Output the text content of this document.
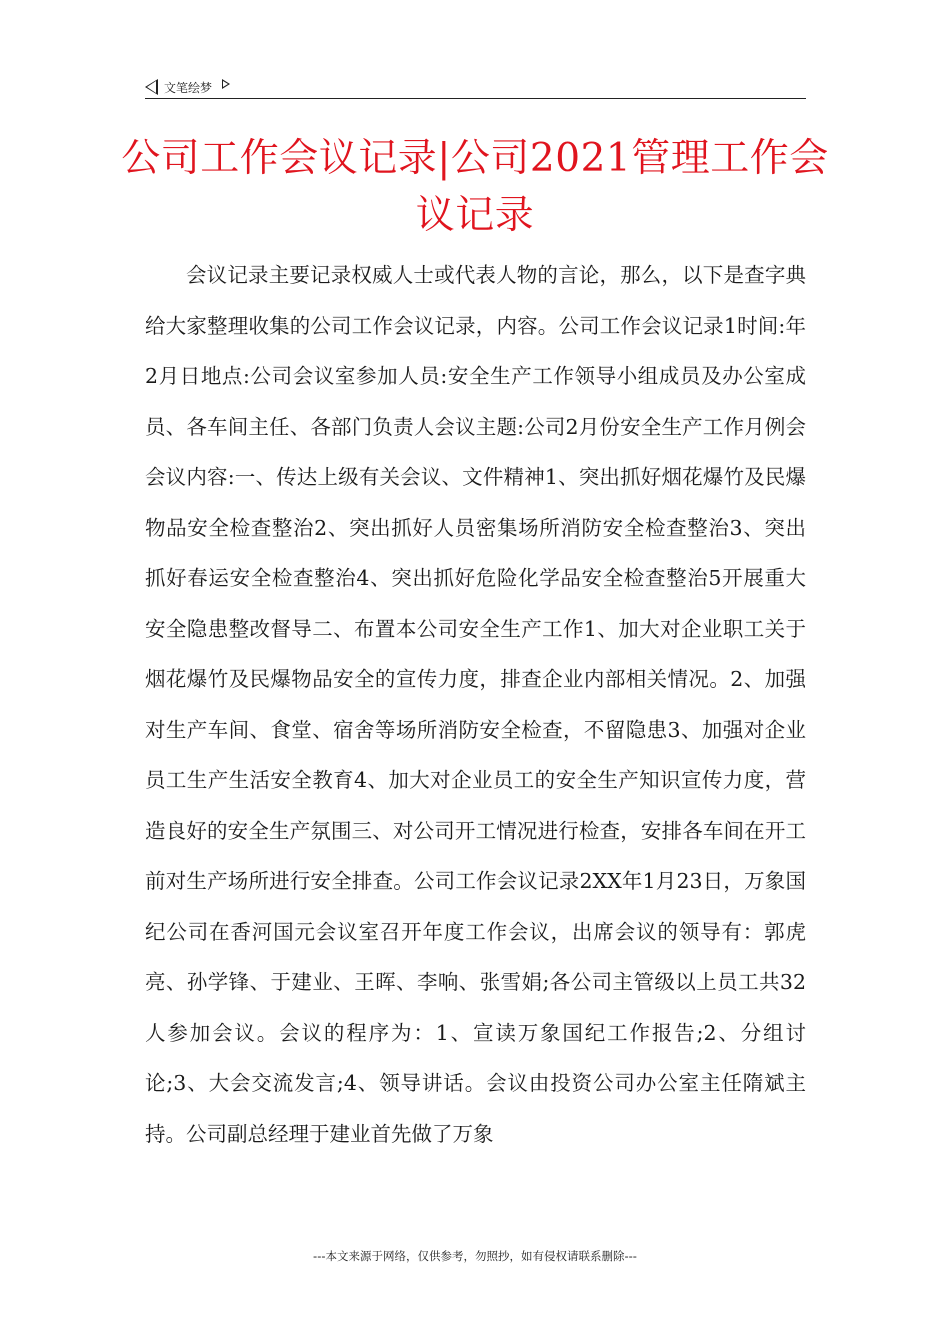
文笔绘梦
公司工作会议记录|公司2021管理工作会议记录

会议记录主要记录权威人士或代表人物的言论，那么，以下是查字典给大家整理收集的公司工作会议记录，内容。公司工作会议记录1时间:年2月日地点:公司会议室参加人员:安全生产工作领导小组成员及办公室成员、各车间主任、各部门负责人会议主题:公司2月份安全生产工作月例会会议内容:一、传达上级有关会议、文件精神1、突出抓好烟花爆竹及民爆物品安全检查整治2、突出抓好人员密集场所消防安全检查整治3、突出抓好春运安全检查整治4、突出抓好危险化学品安全检查整治5开展重大安全隐患整改督导二、布置本公司安全生产工作1、加大对企业职工关于烟花爆竹及民爆物品安全的宣传力度，排查企业内部相关情况。2、加强对生产车间、食堂、宿舍等场所消防安全检查，不留隐患3、加强对企业员工生产生活安全教育4、加大对企业员工的安全生产知识宣传力度，营造良好的安全生产氛围三、对公司开工情况进行检查，安排各车间在开工前对生产场所进行安全排查。公司工作会议记录2XX年1月23日，万象国纪公司在香河国元会议室召开年度工作会议，出席会议的领导有：郭虎亮、孙学锋、于建业、王晖、李响、张雪娟;各公司主管级以上员工共32人参加会议。会议的程序为：1、宣读万象国纪工作报告;2、分组讨论;3、大会交流发言;4、领导讲话。会议由投资公司办公室主任隋斌主持。公司副总经理于建业首先做了万象

---本文来源于网络，仅供参考，勿照抄，如有侵权请联系删除---
